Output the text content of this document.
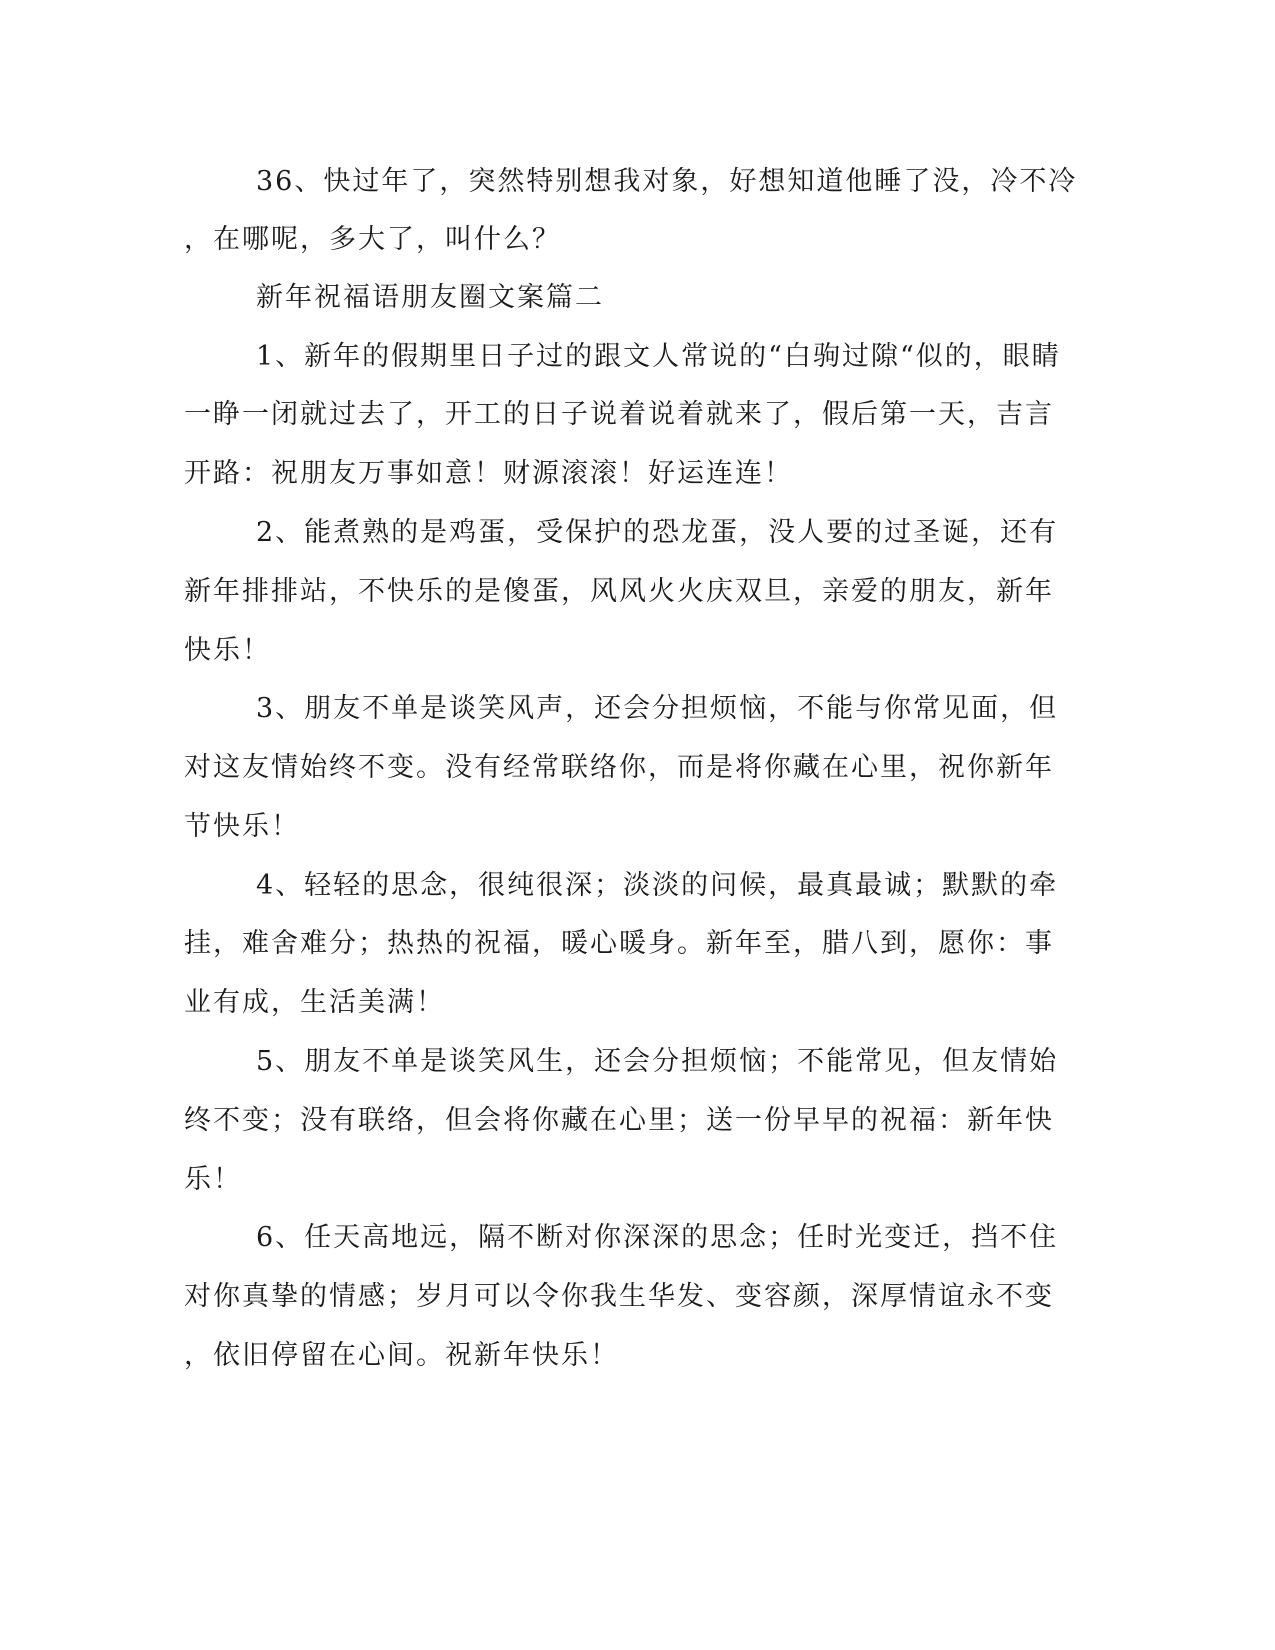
36、快过年了，突然特别想我对象，好想知道他睡了没，冷不冷
，在哪呢，多大了，叫什么？
新年祝福语朋友圈文案篇二
1、新年的假期里日子过的跟文人常说的“白驹过隙“似的，眼睛
一睁一闭就过去了，开工的日子说着说着就来了，假后第一天，吉言
开路：祝朋友万事如意！财源滚滚！好运连连！
2、能煮熟的是鸡蛋，受保护的恐龙蛋，没人要的过圣诞，还有
新年排排站，不快乐的是傻蛋，风风火火庆双旦，亲爱的朋友，新年
快乐！
3、朋友不单是谈笑风声，还会分担烦恼，不能与你常见面，但
对这友情始终不变。没有经常联络你，而是将你藏在心里，祝你新年
节快乐！
4、轻轻的思念，很纯很深；淡淡的问候，最真最诚；默默的牵
挂，难舍难分；热热的祝福，暖心暖身。新年至，腊八到，愿你：事
业有成，生活美满！
5、朋友不单是谈笑风生，还会分担烦恼；不能常见，但友情始
终不变；没有联络，但会将你藏在心里；送一份早早的祝福：新年快
乐！
6、任天高地远，隔不断对你深深的思念；任时光变迁，挡不住
对你真挚的情感；岁月可以令你我生华发、变容颜，深厚情谊永不变
，依旧停留在心间。祝新年快乐！
